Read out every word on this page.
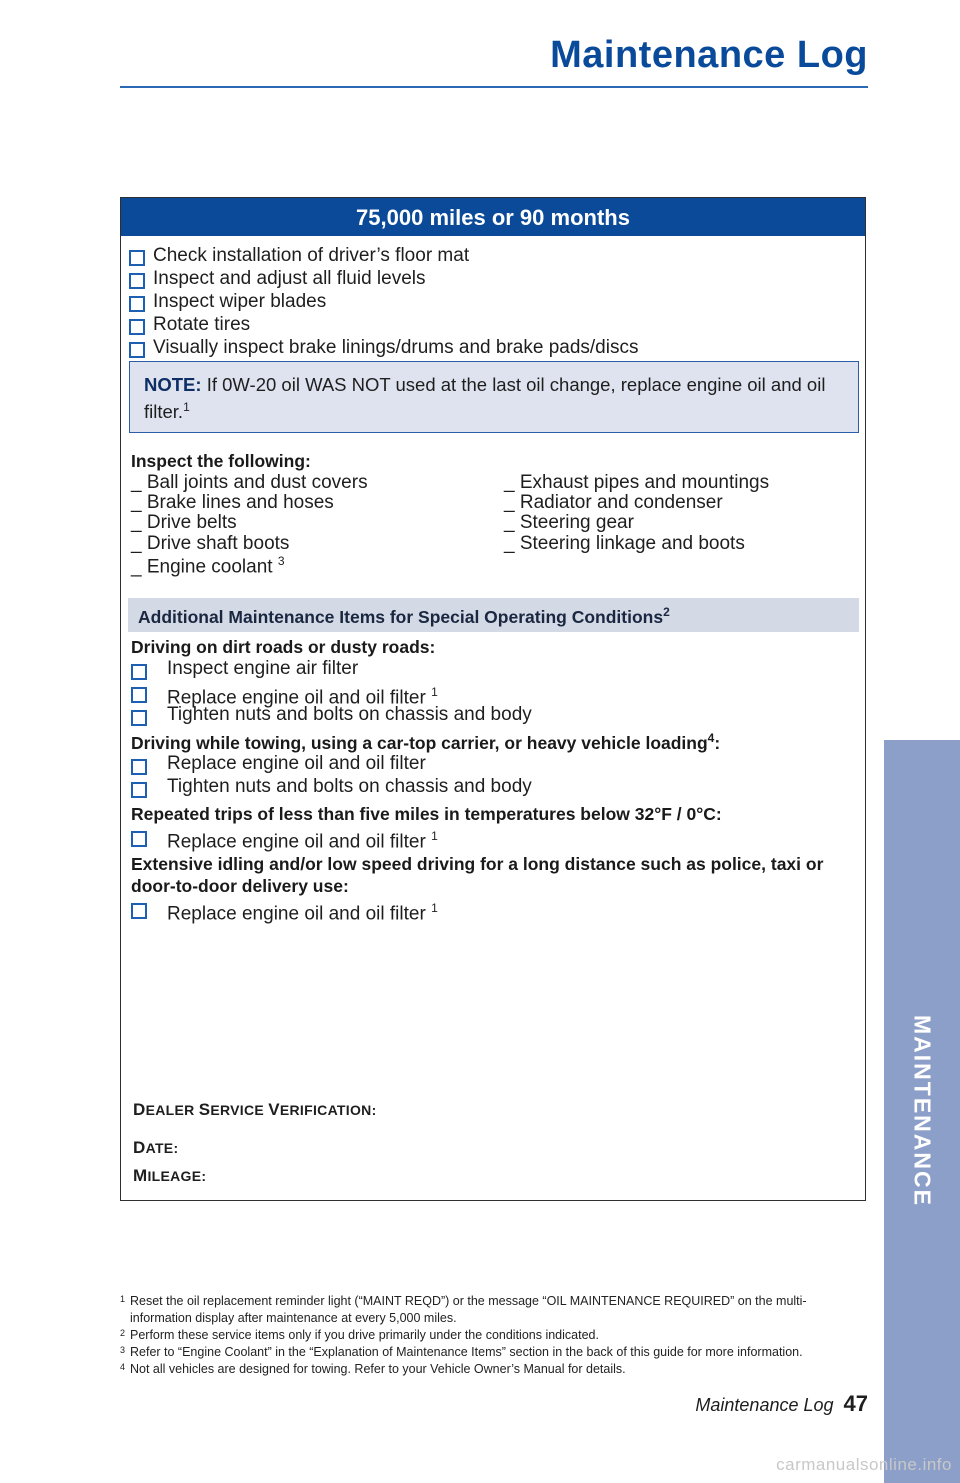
Maintenance Log
75,000 miles or 90 months
Check installation of driver’s floor mat
Inspect and adjust all fluid levels
Inspect wiper blades
Rotate tires
Visually inspect brake linings/drums and brake pads/discs
NOTE: If 0W-20 oil WAS NOT used at the last oil change, replace engine oil and oil filter.$^1$
Inspect the following:
_ Ball joints and dust covers
_ Brake lines and hoses
_ Drive belts
_ Drive shaft boots
_ Engine coolant $^3$
_ Exhaust pipes and mountings
_ Radiator and condenser
_ Steering gear
_ Steering linkage and boots
Additional Maintenance Items for Special Operating Conditions$^2$
Driving on dirt roads or dusty roads:
Inspect engine air filter
Replace engine oil and oil filter $^1$
Tighten nuts and bolts on chassis and body
Driving while towing, using a car-top carrier, or heavy vehicle loading$^4$:
Replace engine oil and oil filter
Tighten nuts and bolts on chassis and body
Repeated trips of less than five miles in temperatures below 32°F / 0°C:
Replace engine oil and oil filter $^1$
Extensive idling and/or low speed driving for a long distance such as police, taxi or
door-to-door delivery use:
Replace engine oil and oil filter $^1$
DEALER SERVICE VERIFICATION:
DATE:
MILEAGE:
1 Reset the oil replacement reminder light (“MAINT REQD”) or the message “OIL MAINTENANCE REQUIRED” on the multi-information display after maintenance at every 5,000 miles.
2 Perform these service items only if you drive primarily under the conditions indicated.
3 Refer to “Engine Coolant” in the “Explanation of Maintenance Items” section in the back of this guide for more information.
4 Not all vehicles are designed for towing. Refer to your Vehicle Owner’s Manual for details.
Maintenance Log 47
MAINTENANCE
carmanualsonline.info
